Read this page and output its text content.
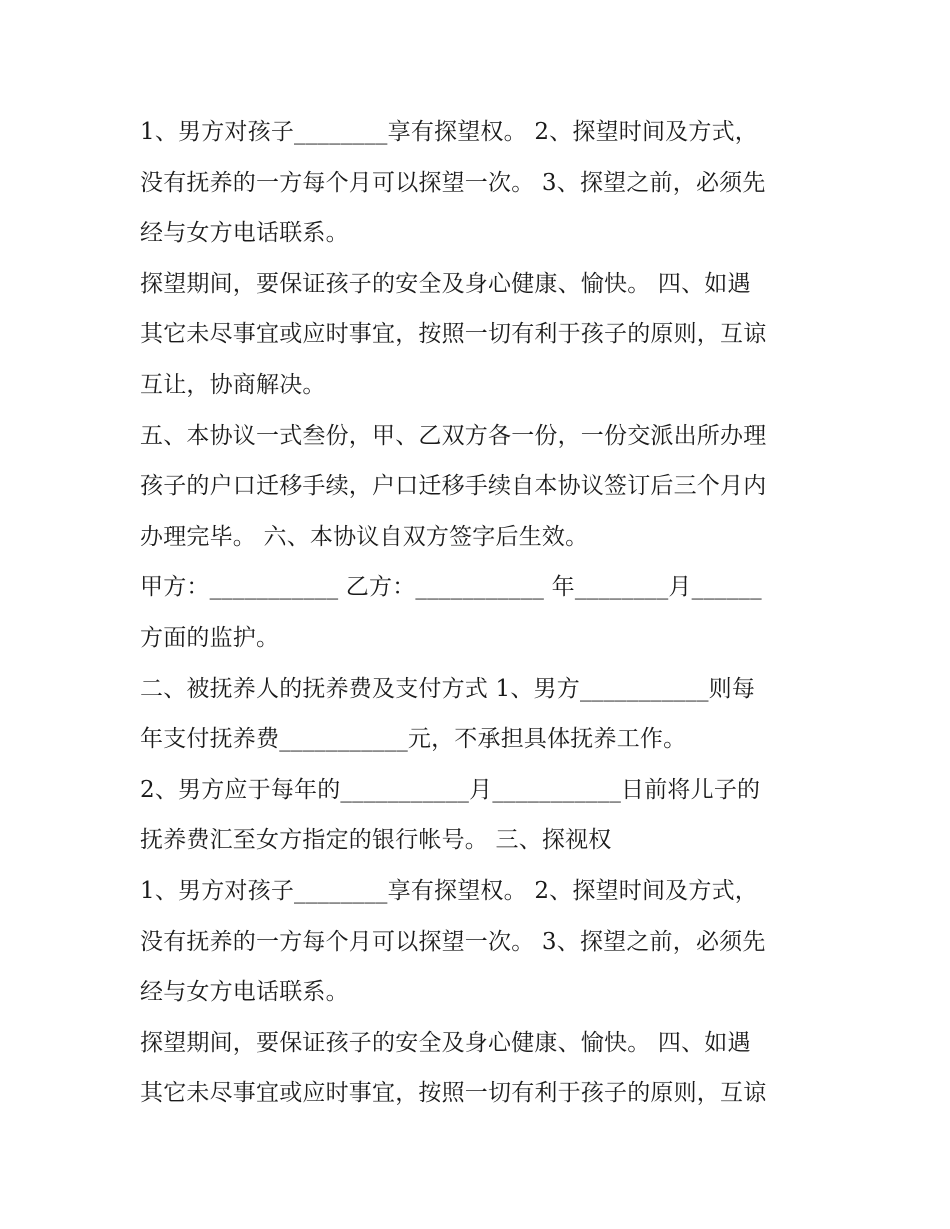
1、男方对孩子________享有探望权。 2、探望时间及方式，
没有抚养的一方每个月可以探望一次。 3、探望之前，必须先
经与女方电话联系。
探望期间，要保证孩子的安全及身心健康、愉快。 四、如遇
其它未尽事宜或应时事宜，按照一切有利于孩子的原则，互谅
互让，协商解决。
五、本协议一式叁份，甲、乙双方各一份，一份交派出所办理
孩子的户口迁移手续，户口迁移手续自本协议签订后三个月内
办理完毕。 六、本协议自双方签字后生效。
甲方：___________ 乙方：___________ 年________月______
方面的监护。
二、被抚养人的抚养费及支付方式 1、男方___________则每
年支付抚养费___________元，不承担具体抚养工作。
2、男方应于每年的___________月___________日前将儿子的
抚养费汇至女方指定的银行帐号。 三、探视权
1、男方对孩子________享有探望权。 2、探望时间及方式，
没有抚养的一方每个月可以探望一次。 3、探望之前，必须先
经与女方电话联系。
探望期间，要保证孩子的安全及身心健康、愉快。 四、如遇
其它未尽事宜或应时事宜，按照一切有利于孩子的原则，互谅
